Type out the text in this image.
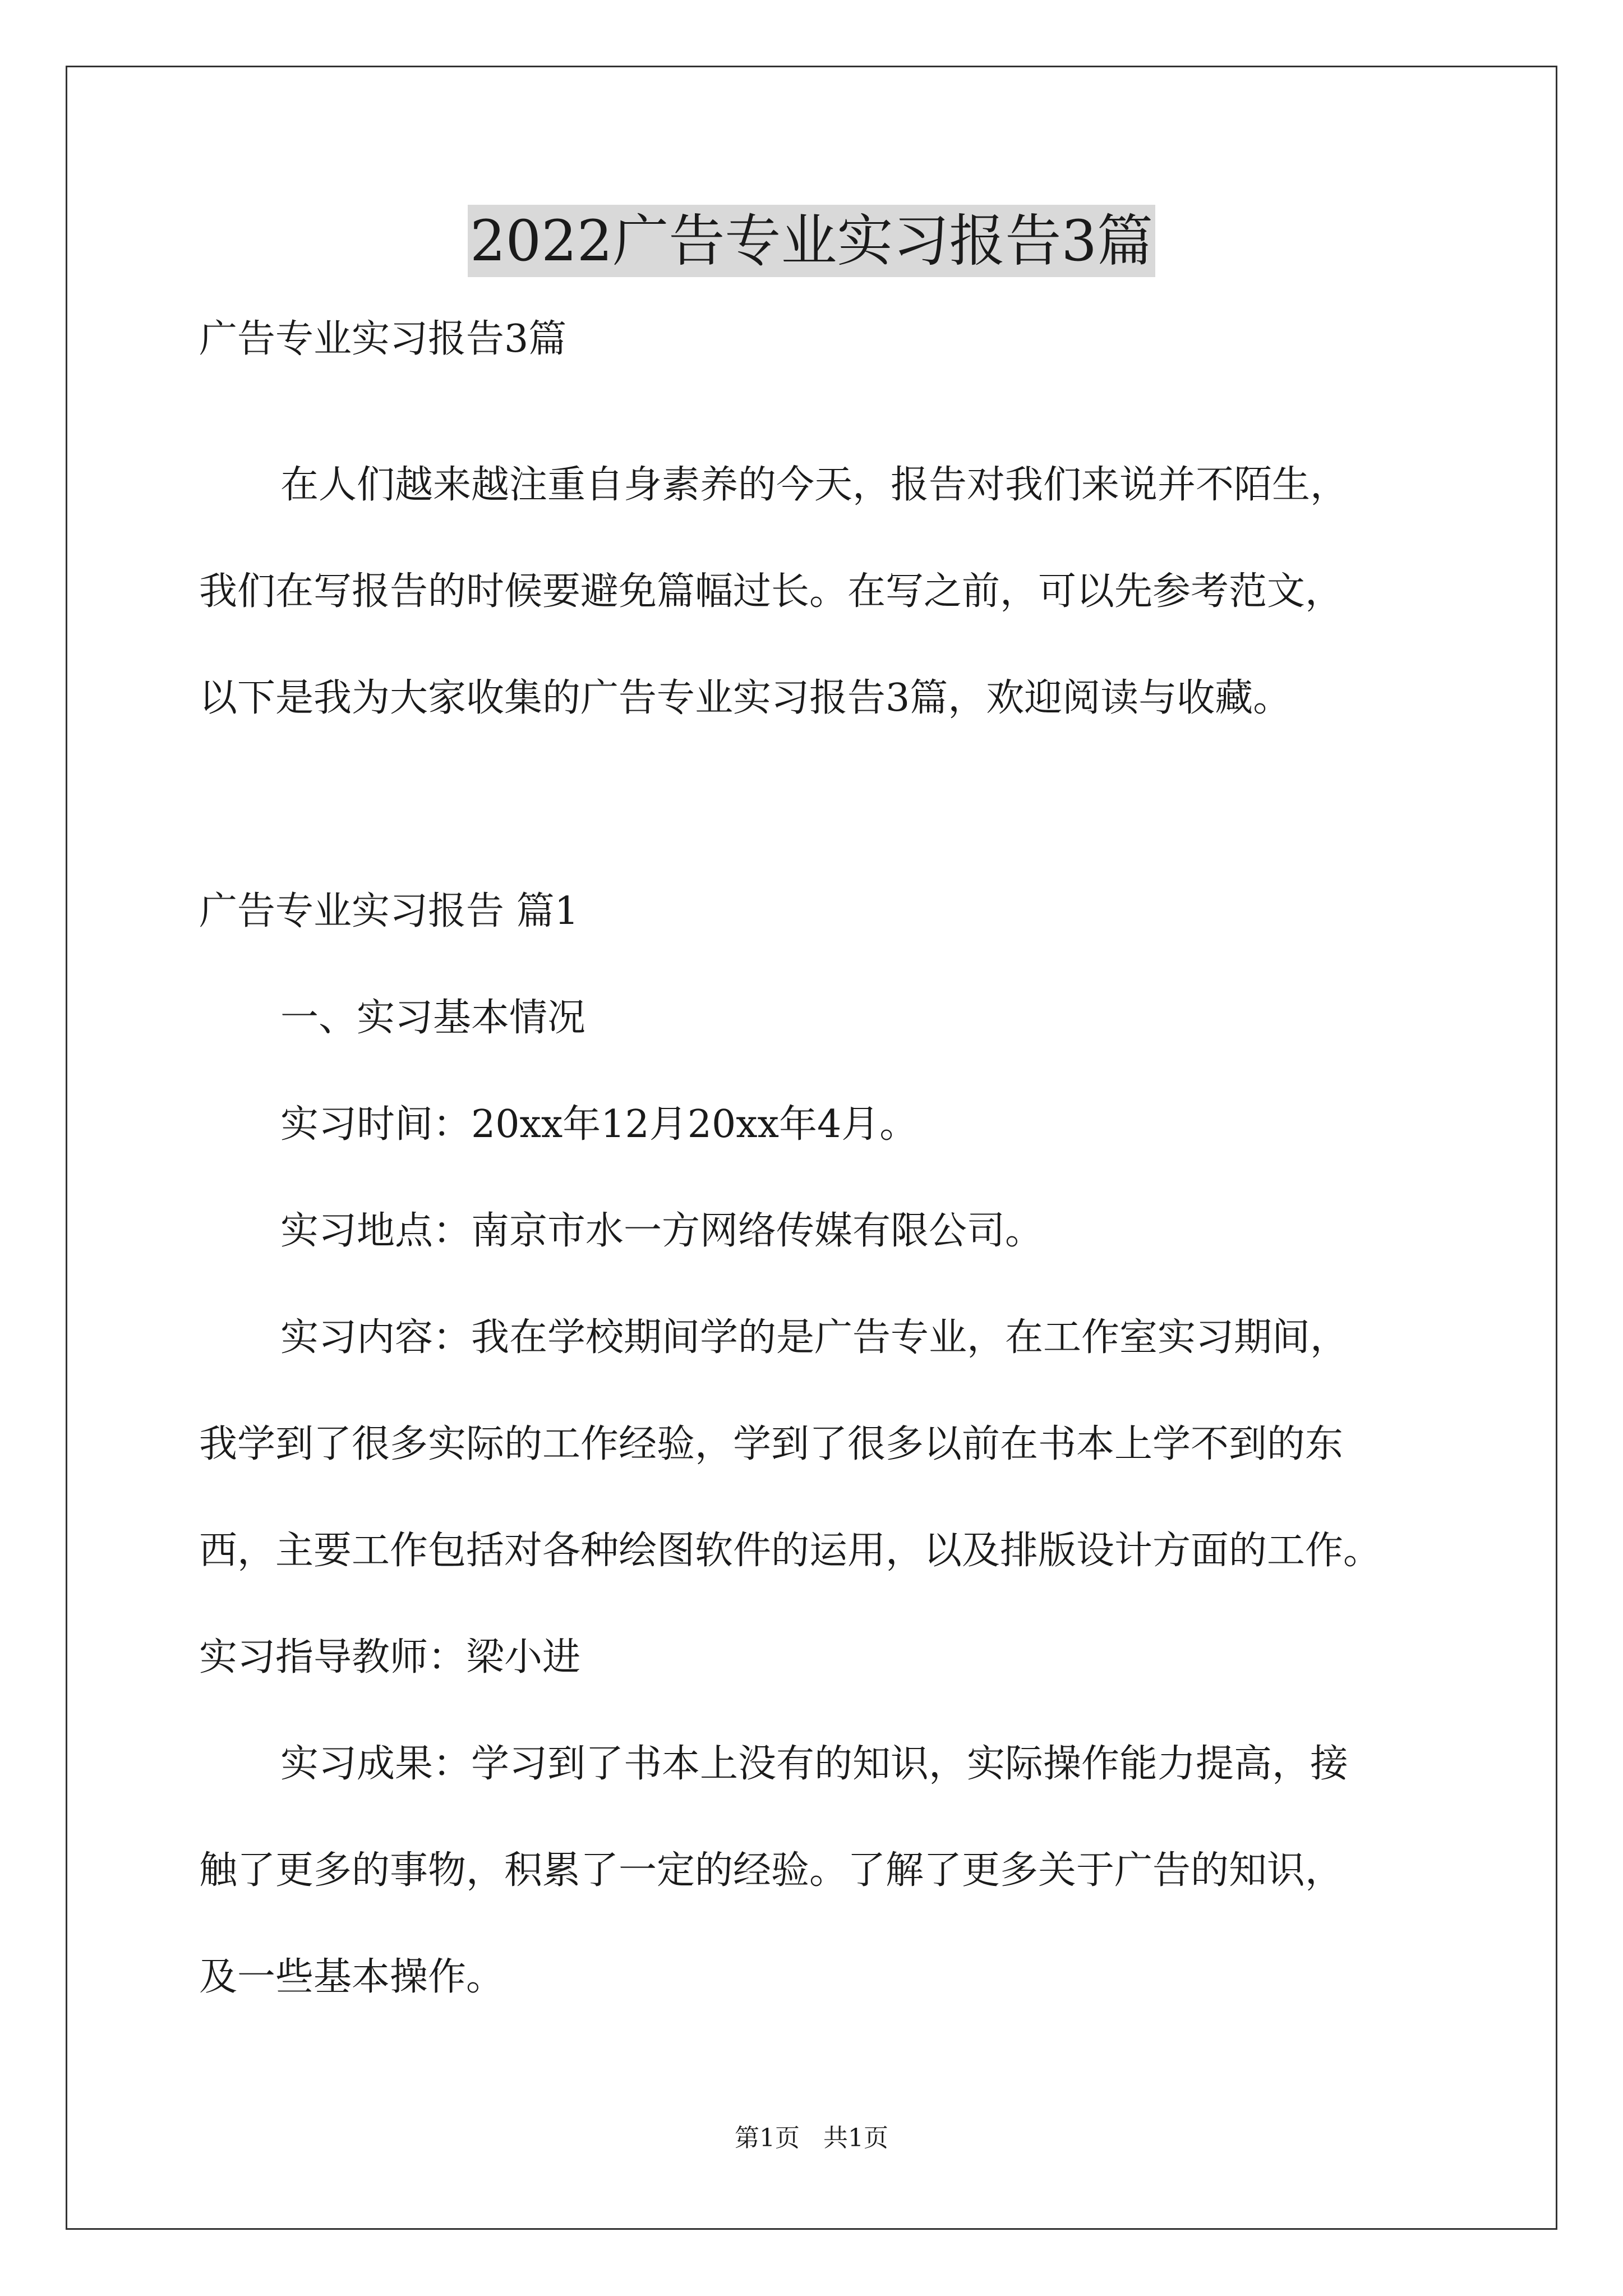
2022广告专业实习报告3篇

广告专业实习报告3篇

在人们越来越注重自身素养的今天，报告对我们来说并不陌生，

我们在写报告的时候要避免篇幅过长。在写之前，可以先参考范文，

以下是我为大家收集的广告专业实习报告3篇，欢迎阅读与收藏。

广告专业实习报告 篇1

一、实习基本情况

实习时间：20xx年12月20xx年4月。

实习地点：南京市水一方网络传媒有限公司。

实习内容：我在学校期间学的是广告专业，在工作室实习期间，

我学到了很多实际的工作经验，学到了很多以前在书本上学不到的东

西，主要工作包括对各种绘图软件的运用，以及排版设计方面的工作。

实习指导教师：梁小进

实习成果：学习到了书本上没有的知识，实际操作能力提高，接

触了更多的事物，积累了一定的经验。了解了更多关于广告的知识，

及一些基本操作。

第1页   共1页
